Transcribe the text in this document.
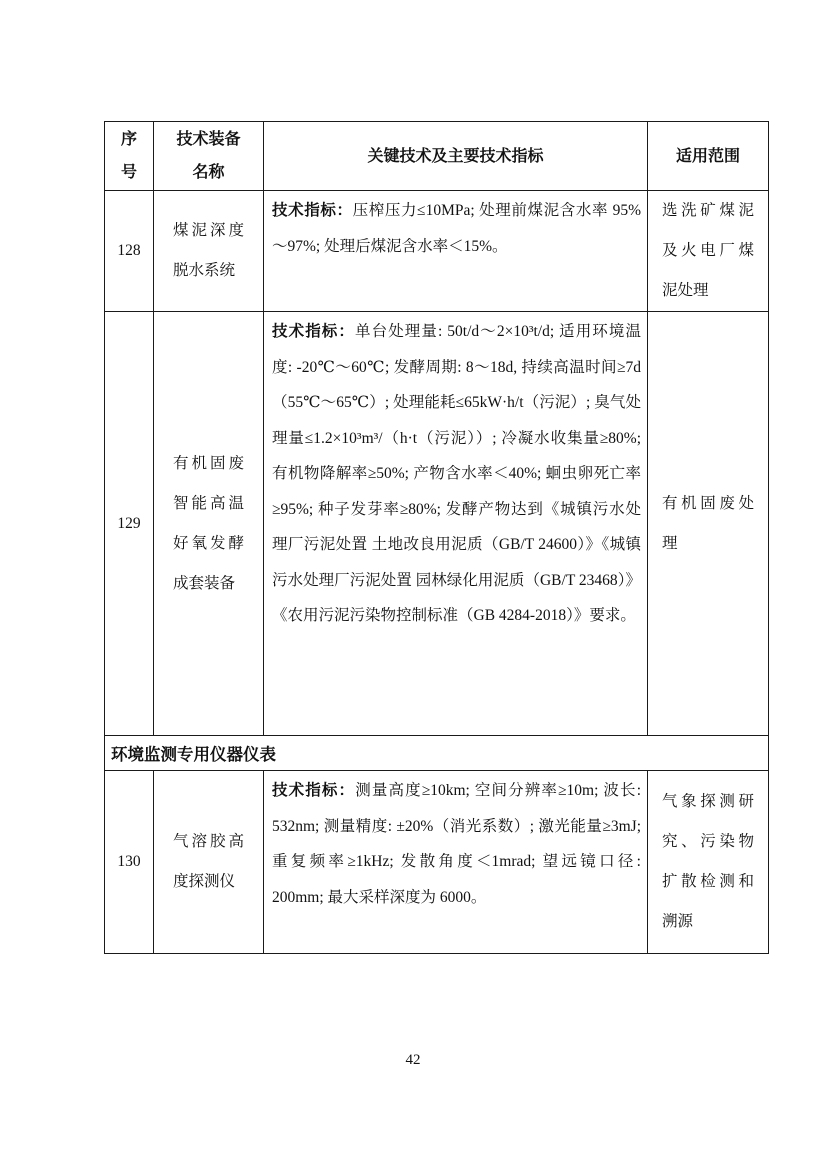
序号	技术装备名称	关键技术及主要技术指标	适用范围
128	煤泥深度脱水系统	技术指标：压榨压力≤10MPa; 处理前煤泥含水率 95%～97%; 处理后煤泥含水率＜15%。	选洗矿煤泥及火电厂煤泥处理
129	有机固废智能高温好氧发酵成套装备	技术指标：单台处理量: 50t/d～2×10³t/d; 适用环境温度: -20℃～60℃; 发酵周期: 8～18d, 持续高温时间≥7d（55℃～65℃）; 处理能耗≤65kW·h/t（污泥）; 臭气处理量≤1.2×10³m³/（h·t（污泥））; 冷凝水收集量≥80%; 有机物降解率≥50%; 产物含水率＜40%; 蛔虫卵死亡率≥95%; 种子发芽率≥80%; 发酵产物达到《城镇污水处理厂污泥处置 土地改良用泥质（GB/T 24600）》《城镇污水处理厂污泥处置 园林绿化用泥质（GB/T 23468）》《农用污泥污染物控制标准（GB 4284-2018）》要求。	有机固废处理
环境监测专用仪器仪表			
130	气溶胶高度探测仪	技术指标：测量高度≥10km; 空间分辨率≥10m; 波长: 532nm; 测量精度: ±20%（消光系数）; 激光能量≥3mJ; 重复频率≥1kHz; 发散角度＜1mrad; 望远镜口径: 200mm; 最大采样深度为 6000。	气象探测研究、污染物扩散检测和溯源
42
